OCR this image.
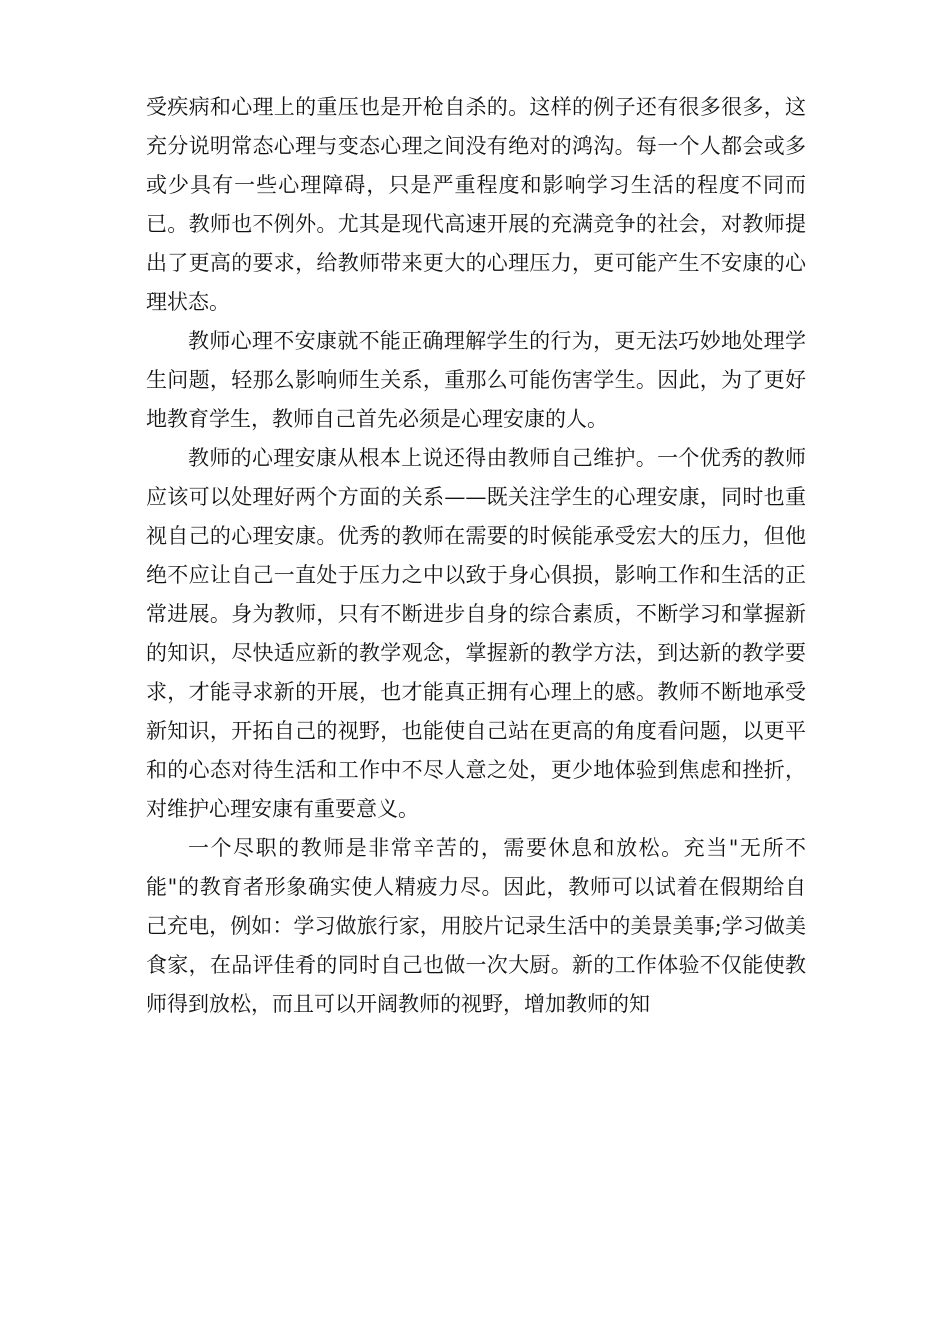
受疾病和心理上的重压也是开枪自杀的。这样的例子还有很多很多，这充分说明常态心理与变态心理之间没有绝对的鸿沟。每一个人都会或多或少具有一些心理障碍，只是严重程度和影响学习生活的程度不同而已。教师也不例外。尤其是现代高速开展的充满竞争的社会，对教师提出了更高的要求，给教师带来更大的心理压力，更可能产生不安康的心理状态。

教师心理不安康就不能正确理解学生的行为，更无法巧妙地处理学生问题，轻那么影响师生关系，重那么可能伤害学生。因此，为了更好地教育学生，教师自己首先必须是心理安康的人。

教师的心理安康从根本上说还得由教师自己维护。一个优秀的教师应该可以处理好两个方面的关系——既关注学生的心理安康，同时也重视自己的心理安康。优秀的教师在需要的时候能承受宏大的压力，但他绝不应让自己一直处于压力之中以致于身心俱损，影响工作和生活的正常进展。身为教师，只有不断进步自身的综合素质，不断学习和掌握新的知识，尽快适应新的教学观念，掌握新的教学方法，到达新的教学要求，才能寻求新的开展，也才能真正拥有心理上的感。教师不断地承受新知识，开拓自己的视野，也能使自己站在更高的角度看问题，以更平和的心态对待生活和工作中不尽人意之处，更少地体验到焦虑和挫折，对维护心理安康有重要意义。

一个尽职的教师是非常辛苦的，需要休息和放松。充当"无所不能"的教育者形象确实使人精疲力尽。因此，教师可以试着在假期给自己充电，例如：学习做旅行家，用胶片记录生活中的美景美事;学习做美食家，在品评佳肴的同时自己也做一次大厨。新的工作体验不仅能使教师得到放松，而且可以开阔教师的视野，增加教师的知
